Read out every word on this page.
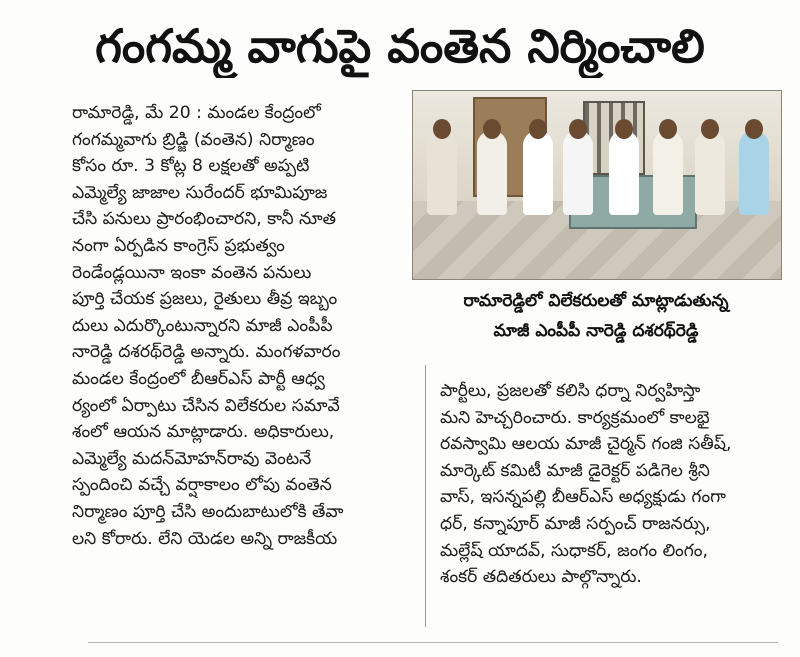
గంగమ్మ వాగుపై వంతెన నిర్మించాలి
రామారెడ్డి, మే 20 : మండల కేంద్రంలో
గంగమ్మవాగు బ్రిడ్జి (వంతెన) నిర్మాణం
కోసం రూ. 3 కోట్ల 8 లక్షలతో అప్పటి
ఎమ్మెల్యే జాజాల సురేందర్ భూమిపూజ
చేసి పనులు ప్రారంభించారని, కానీ నూత
నంగా ఏర్పడిన కాంగ్రెస్ ప్రభుత్వం
రెండేండ్లయినా ఇంకా వంతెన పనులు
పూర్తి చేయక ప్రజలు, రైతులు తీవ్ర ఇబ్బం
దులు ఎదుర్కొంటున్నారని మాజీ ఎంపీపీ
నారెడ్డి దశరథ్‌రెడ్డి అన్నారు. మంగళవారం
మండల కేంద్రంలో బీఆర్ఎస్ పార్టీ ఆధ్వ
ర్యంలో ఏర్పాటు చేసిన విలేకరుల సమావే
శంలో ఆయన మాట్లాడారు. అధికారులు,
ఎమ్మెల్యే మదన్‌మోహన్‌రావు వెంటనే
స్పందించి వచ్చే వర్షాకాలం లోపు వంతెన
నిర్మాణం పూర్తి చేసి అందుబాటులోకి తేవా
లని కోరారు. లేని యెడల అన్ని రాజకీయ
రామారెడ్డిలో విలేకరులతో మాట్లాడుతున్న
మాజీ ఎంపీపీ నారెడ్డి దశరథ్‌రెడ్డి
పార్టీలు, ప్రజలతో కలిసి ధర్నా నిర్వహిస్తా
మని హెచ్చరించారు. కార్యక్రమంలో కాలభై
రవస్వామి ఆలయ మాజీ చైర్మన్ గంజి సతీష్,
మార్కెట్ కమిటీ మాజీ డైరెక్టర్ పడిగెల శ్రీని
వాస్, ఇసన్నపల్లి బీఆర్ఎస్ అధ్యక్షుడు గంగా
ధర్, కన్నాపూర్ మాజీ సర్పంచ్ రాజనర్సు,
మల్లేష్ యాదవ్, సుధాకర్, జంగం లింగం,
శంకర్ తదితరులు పాల్గొన్నారు.
